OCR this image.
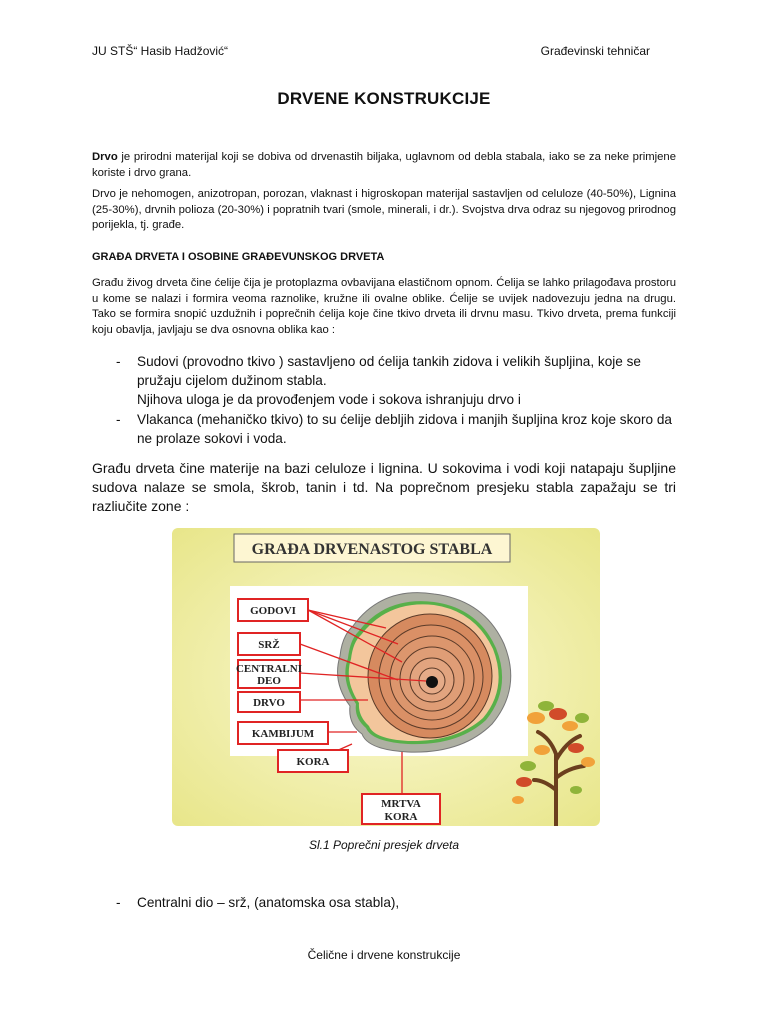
JU STŠ“ Hasib Hadžović“	Građevinski tehničar
DRVENE KONSTRUKCIJE
Drvo je prirodni materijal koji se dobiva od drvenastih biljaka, uglavnom od debla stabala, iako se za neke primjene koriste i drvo grana.
Drvo je nehomogen, anizotropan, porozan, vlaknast i higroskopan materijal sastavljen od celuloze (40-50%), Lignina (25-30%), drvnih polioza (20-30%) i popratnih tvari (smole, minerali, i dr.). Svojstva drva odraz su njegovog prirodnog porijekla, tj. građe.
GRAĐA DRVETA I OSOBINE GRAĐEVUNSKOG DRVETA
Građu živog drveta čine ćelije čija je protoplazma ovbavijana elastičnom opnom. Ćelija se lahko prilagođava prostoru u kome se nalazi i formira veoma raznolike, kružne ili ovalne oblike. Ćelije se uvijek nadovezuju jedna na drugu. Tako se formira snopić uzdužnih i poprečnih ćelija koje čine tkivo drveta ili drvnu masu. Tkivo drveta, prema funkciji koju obavlja, javljaju se dva osnovna oblika kao :
- Sudovi (provodno tkivo ) sastavljeno od ćelija tankih zidova i velikih šupljina, koje se pružaju cijelom dužinom stabla.
Njihova uloga je da provođenjem vode i sokova ishranjuju drvo i
- Vlakanca (mehaničko tkivo) to su ćelije debljih zidova i manjih šupljina kroz koje skoro da ne prolaze sokovi i voda.
Građu drveta čine materije na bazi celuloze i lignina. U sokovima i vodi koji natapaju šupljine sudova nalaze se smola, škrob, tanin i td. Na poprečnom presjeku stabla zapažaju se tri razliučite zone :
GRAĐA DRVENASTOG STABLA
GODOVI
SRŽ
CENTRALNI
DEO
DRVO
KAMBIJUM
KORA
MRTVA
KORA
Sl.1 Poprečni presjek drveta
- Centralni dio – srž, (anatomska osa stabla),
Čelične i drvene konstrukcije
